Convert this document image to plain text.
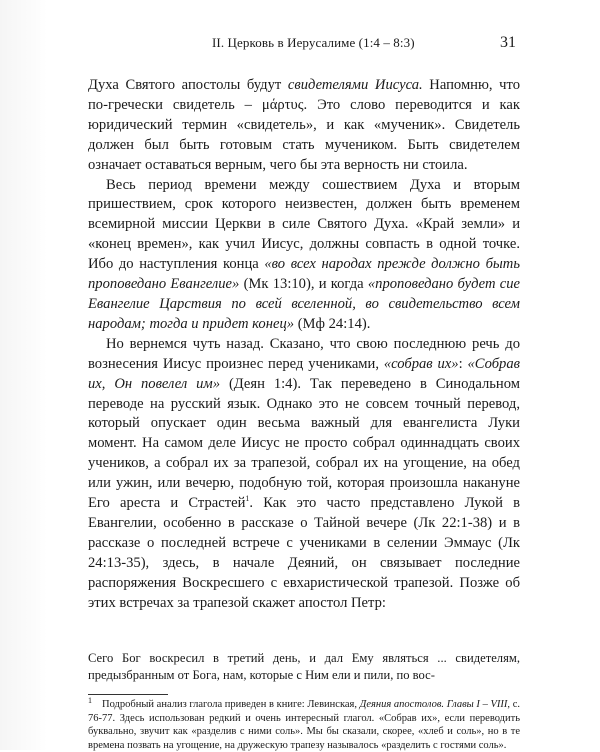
II. Церковь в Иерусалиме (1:4 – 8:3)	31

Духа Святого апостолы будут свидетелями Иисуса. Напомню, что по-гречески свидетель – μάρτυς. Это слово переводится и как юридический термин «свидетель», и как «мученик». Свидетель должен был быть готовым стать мучеником. Быть свидетелем означает оставаться верным, чего бы эта верность ни стоила.

Весь период времени между сошествием Духа и вторым пришествием, срок которого неизвестен, должен быть временем всемирной миссии Церкви в силе Святого Духа. «Край земли» и «конец времен», как учил Иисус, должны совпасть в одной точке. Ибо до наступления конца «во всех народах прежде должно быть проповедано Евангелие» (Мк 13:10), и когда «проповедано будет сие Евангелие Царствия по всей вселенной, во свидетельство всем народам; тогда и придет конец» (Мф 24:14).

Но вернемся чуть назад. Сказано, что свою последнюю речь до вознесения Иисус произнес перед учениками, «собрав их»: «Собрав их, Он повелел им» (Деян 1:4). Так переведено в Синодальном переводе на русский язык. Однако это не совсем точный перевод, который опускает один весьма важный для евангелиста Луки момент. На самом деле Иисус не просто собрал одиннадцать своих учеников, а собрал их за трапезой, собрал их на угощение, на обед или ужин, или вечерю, подобную той, которая произошла накануне Его ареста и Страстей$^1$. Как это часто представлено Лукой в Евангелии, особенно в рассказе о Тайной вечере (Лк 22:1-38) и в рассказе о последней встрече с учениками в селении Эммаус (Лк 24:13-35), здесь, в начале Деяний, он связывает последние распоряжения Воскресшего с евхаристической трапезой. Позже об этих встречах за трапезой скажет апостол Петр:

Сего Бог воскресил в третий день, и дал Ему являться ... свидетелям, предызбранным от Бога, нам, которые с Ним ели и пили, по вос-

$^1$ Подробный анализ глагола приведен в книге: Левинская, Деяния апостолов. Главы I – VIII, с. 76-77. Здесь использован редкий и очень интересный глагол. «Собрав их», если переводить буквально, звучит как «разделив с ними соль». Мы бы сказали, скорее, «хлеб и соль», но в те времена позвать на угощение, на дружескую трапезу называлось «разделить с гостями соль».
